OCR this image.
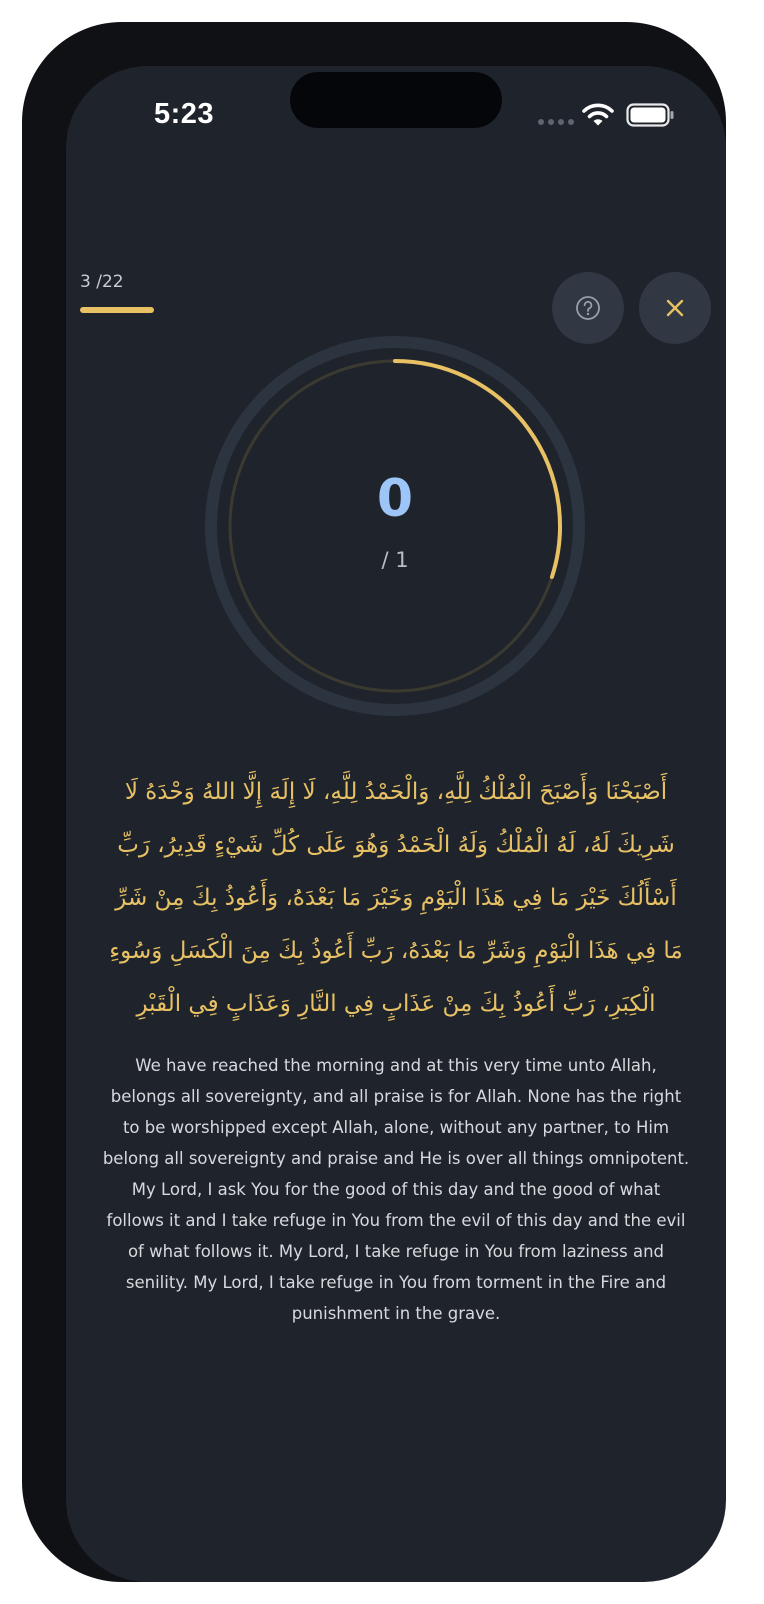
5:23
3 /22
0
/ 1
أَصْبَحْنَا وَأَصْبَحَ الْمُلْكُ لِلَّهِ، وَالْحَمْدُ لِلَّهِ، لَا إِلَهَ إِلَّا اللهُ وَحْدَهُ لَا شَرِيكَ لَهُ، لَهُ الْمُلْكُ وَلَهُ الْحَمْدُ وَهُوَ عَلَى كُلِّ شَيْءٍ قَدِيرُ، رَبِّ أَسْأَلُكَ خَيْرَ مَا فِي هَذَا الْيَوْمِ وَخَيْرَ مَا بَعْدَهُ، وَأَعُوذُ بِكَ مِنْ شَرِّ مَا فِي هَذَا الْيَوْمِ وَشَرِّ مَا بَعْدَهُ، رَبِّ أَعُوذُ بِكَ مِنَ الْكَسَلِ وَسُوءِ الْكِبَرِ، رَبِّ أَعُوذُ بِكَ مِنْ عَذَابٍ فِي النَّارِ وَعَذَابٍ فِي الْقَبْرِ
We have reached the morning and at this very time unto Allah, belongs all sovereignty, and all praise is for Allah. None has the right to be worshipped except Allah, alone, without any partner, to Him belong all sovereignty and praise and He is over all things omnipotent. My Lord, I ask You for the good of this day and the good of what follows it and I take refuge in You from the evil of this day and the evil of what follows it. My Lord, I take refuge in You from laziness and senility. My Lord, I take refuge in You from torment in the Fire and punishment in the grave.
